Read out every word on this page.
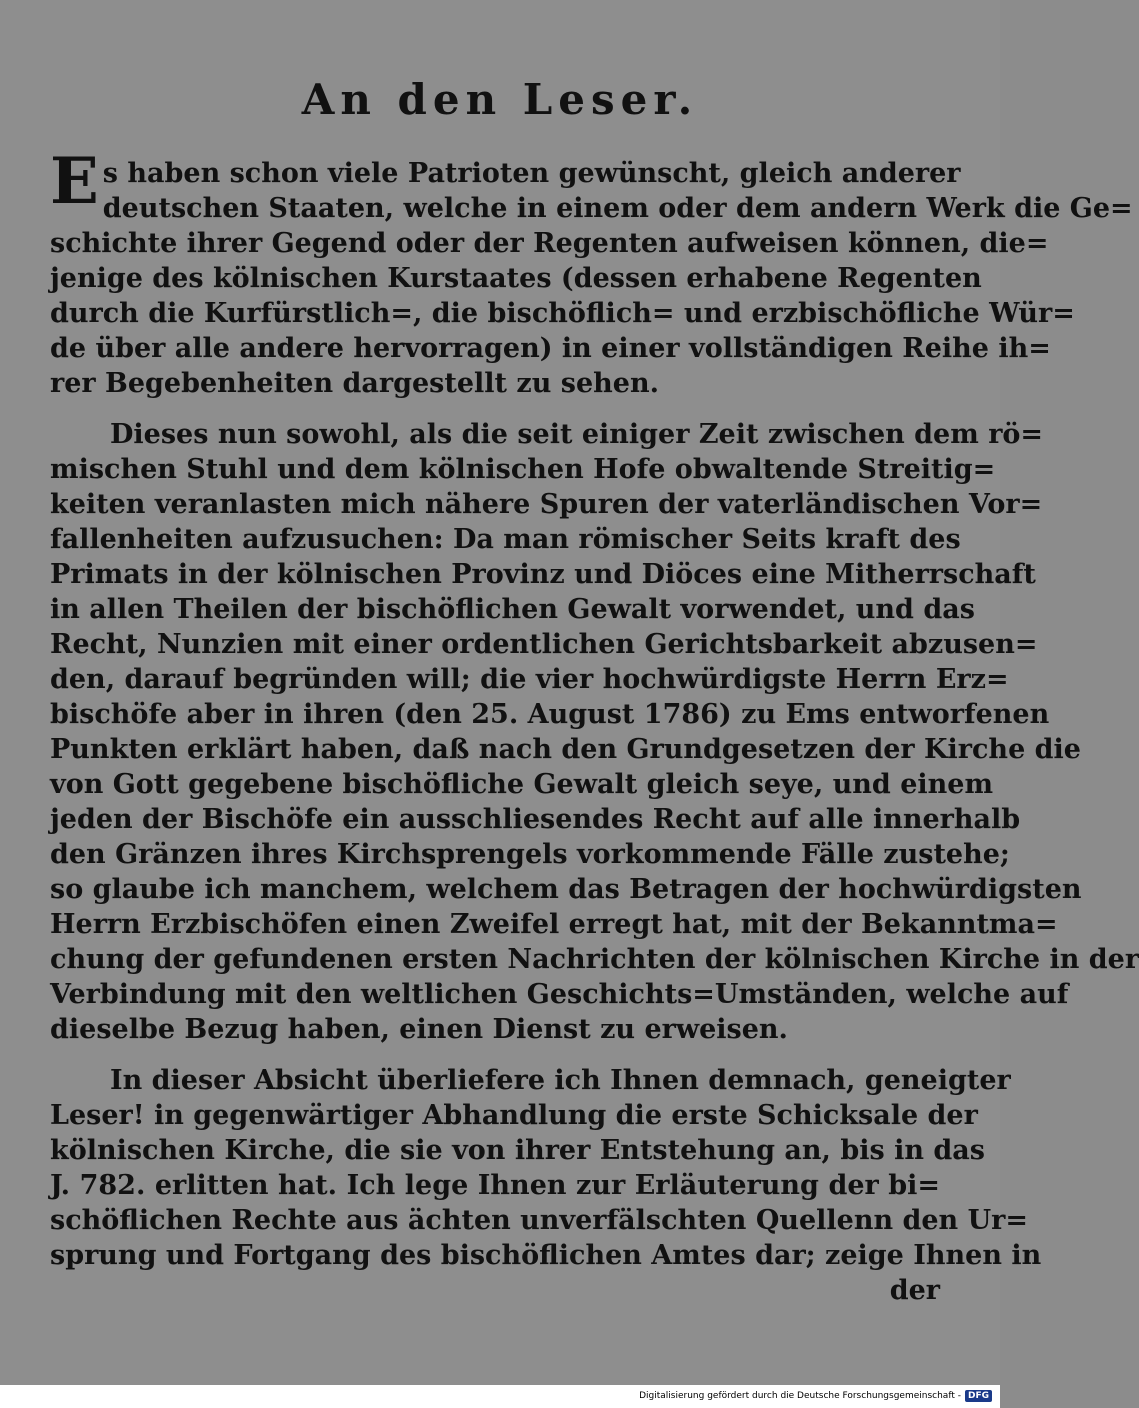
An den Leser.
E s haben schon viele Patrioten gewünscht, gleich anderer
deutschen Staaten, welche in einem oder dem andern Werk die Ge=
schichte ihrer Gegend oder der Regenten aufweisen können, die=
jenige des kölnischen Kurstaates (dessen erhabene Regenten
durch die Kurfürstlich=, die bischöflich= und erzbischöfliche Wür=
de über alle andere hervorragen) in einer vollständigen Reihe ih=
rer Begebenheiten dargestellt zu sehen.
Dieses nun sowohl, als die seit einiger Zeit zwischen dem rö=
mischen Stuhl und dem kölnischen Hofe obwaltende Streitig=
keiten veranlasten mich nähere Spuren der vaterländischen Vor=
fallenheiten aufzusuchen: Da man römischer Seits kraft des
Primats in der kölnischen Provinz und Diöces eine Mitherrschaft
in allen Theilen der bischöflichen Gewalt vorwendet, und das
Recht, Nunzien mit einer ordentlichen Gerichtsbarkeit abzusen=
den, darauf begründen will; die vier hochwürdigste Herrn Erz=
bischöfe aber in ihren (den 25. August 1786) zu Ems entworfenen
Punkten erklärt haben, daß nach den Grundgesetzen der Kirche die
von Gott gegebene bischöfliche Gewalt gleich seye, und einem
jeden der Bischöfe ein ausschliesendes Recht auf alle innerhalb
den Gränzen ihres Kirchsprengels vorkommende Fälle zustehe;
so glaube ich manchem, welchem das Betragen der hochwürdigsten
Herrn Erzbischöfen einen Zweifel erregt hat, mit der Bekanntma=
chung der gefundenen ersten Nachrichten der kölnischen Kirche in der
Verbindung mit den weltlichen Geschichts=Umständen, welche auf
dieselbe Bezug haben, einen Dienst zu erweisen.
In dieser Absicht überliefere ich Ihnen demnach, geneigter
Leser! in gegenwärtiger Abhandlung die erste Schicksale der
kölnischen Kirche, die sie von ihrer Entstehung an, bis in das
J. 782. erlitten hat. Ich lege Ihnen zur Erläuterung der bi=
schöflichen Rechte aus ächten unverfälschten Quellenn den Ur=
sprung und Fortgang des bischöflichen Amtes dar; zeige Ihnen in
der
Digitalisierung gefördert durch die Deutsche Forschungsgemeinschaft - DFG
